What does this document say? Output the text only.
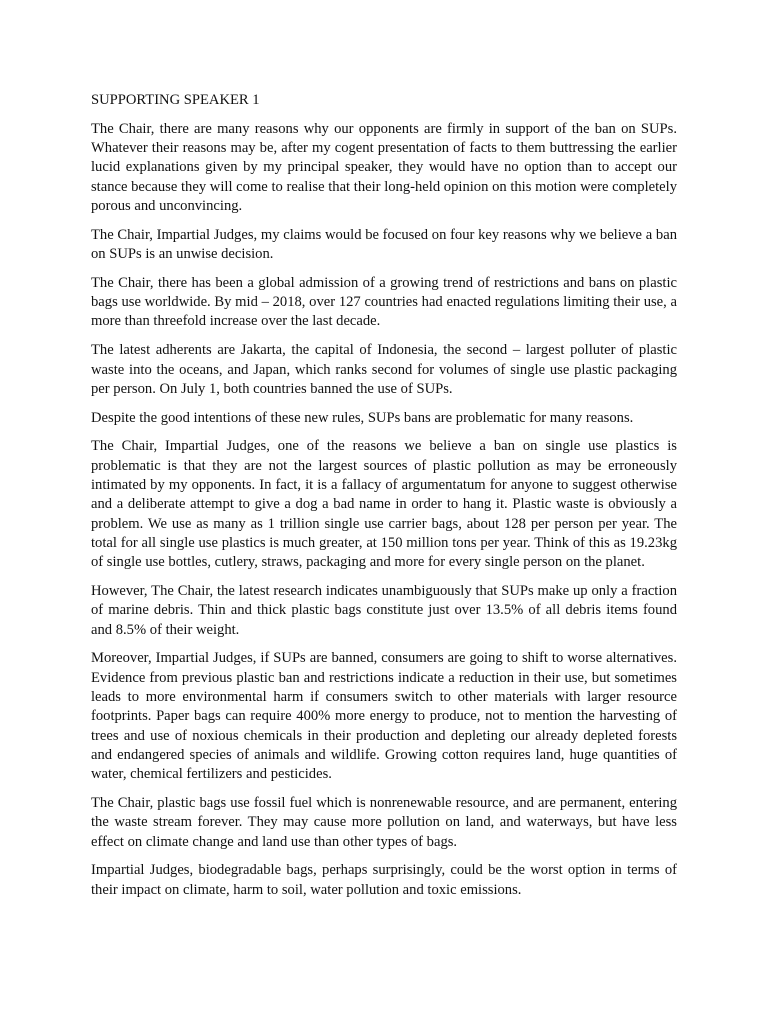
SUPPORTING SPEAKER 1

The Chair, there are many reasons why our opponents are firmly in support of the ban on SUPs. Whatever their reasons may be, after my cogent presentation of facts to them buttressing the earlier lucid explanations given by my principal speaker, they would have no option than to accept our stance because they will come to realise that their long-held opinion on this motion were completely porous and unconvincing.

The Chair, Impartial Judges, my claims would be focused on four key reasons why we believe a ban on SUPs is an unwise decision.

The Chair, there has been a global admission of a growing trend of restrictions and bans on plastic bags use worldwide. By mid – 2018, over 127 countries had enacted regulations limiting their use, a more than threefold increase over the last decade.

The latest adherents are Jakarta, the capital of Indonesia, the second – largest polluter of plastic waste into the oceans, and Japan, which ranks second for volumes of single use plastic packaging per person. On July 1, both countries banned the use of SUPs.

Despite the good intentions of these new rules, SUPs bans are problematic for many reasons.

The Chair, Impartial Judges, one of the reasons we believe a ban on single use plastics is problematic is that they are not the largest sources of plastic pollution as may be erroneously intimated by my opponents. In fact, it is a fallacy of argumentatum for anyone to suggest otherwise and a deliberate attempt to give a dog a bad name in order to hang it. Plastic waste is obviously a problem. We use as many as 1 trillion single use carrier bags, about 128 per person per year. The total for all single use plastics is much greater, at 150 million tons per year. Think of this as 19.23kg of single use bottles, cutlery, straws, packaging and more for every single person on the planet.

However, The Chair, the latest research indicates unambiguously that SUPs make up only a fraction of marine debris. Thin and thick plastic bags constitute just over 13.5% of all debris items found and 8.5% of their weight.

Moreover, Impartial Judges, if SUPs are banned, consumers are going to shift to worse alternatives. Evidence from previous plastic ban and restrictions indicate a reduction in their use, but sometimes leads to more environmental harm if consumers switch to other materials with larger resource footprints. Paper bags can require 400% more energy to produce, not to mention the harvesting of trees and use of noxious chemicals in their production and depleting our already depleted forests and endangered species of animals and wildlife. Growing cotton requires land, huge quantities of water, chemical fertilizers and pesticides.

The Chair, plastic bags use fossil fuel which is nonrenewable resource, and are permanent, entering the waste stream forever. They may cause more pollution on land, and waterways, but have less effect on climate change and land use than other types of bags.

Impartial Judges, biodegradable bags, perhaps surprisingly, could be the worst option in terms of their impact on climate, harm to soil, water pollution and toxic emissions.
